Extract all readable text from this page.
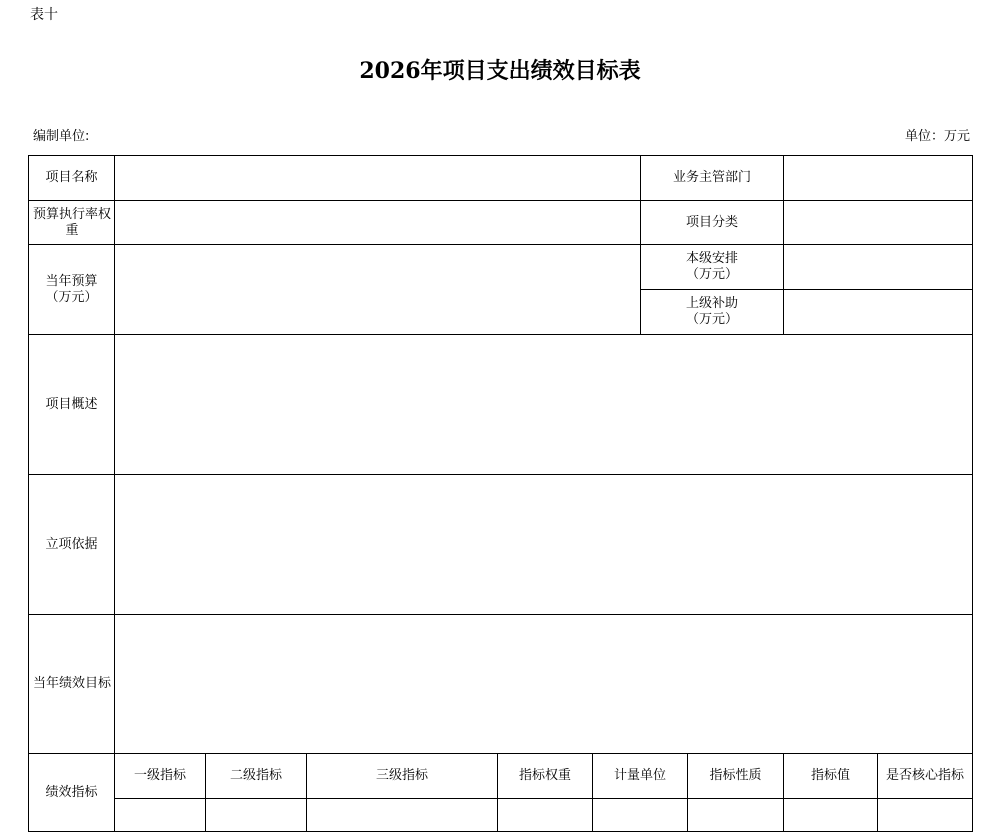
表十
2026年项目支出绩效目标表
编制单位:	单位：万元
项目名称						业务主管部门			
预算执行率权重						项目分类			
当年预算（万元）						本级安排（万元）			
						上级补助（万元）			
项目概述									
立项依据									
当年绩效目标									
绩效指标	一级指标	二级指标	三级指标	指标权重	计量单位		指标性质	指标值	是否核心指标
